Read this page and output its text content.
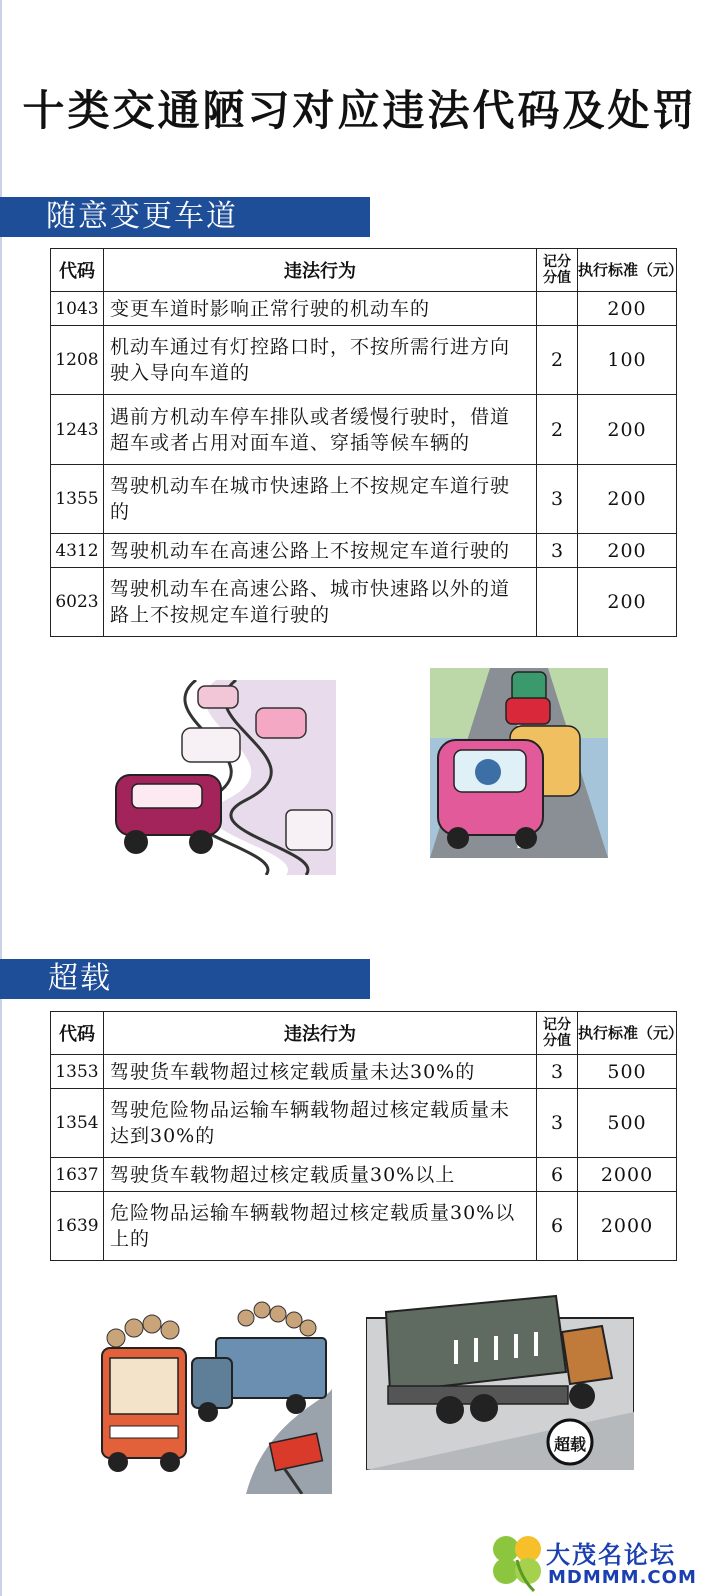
十类交通陋习对应违法代码及处罚
随意变更车道
代码	违法行为	记分分值	执行标准（元）
1043	变更车道时影响正常行驶的机动车的		200
1208	机动车通过有灯控路口时，不按所需行进方向驶入导向车道的	2	100
1243	遇前方机动车停车排队或者缓慢行驶时，借道超车或者占用对面车道、穿插等候车辆的	2	200
1355	驾驶机动车在城市快速路上不按规定车道行驶的	3	200
4312	驾驶机动车在高速公路上不按规定车道行驶的	3	200
6023	驾驶机动车在高速公路、城市快速路以外的道路上不按规定车道行驶的		200
超载
代码	违法行为	记分分值	执行标准（元）
1353	驾驶货车载物超过核定载质量未达30%的	3	500
1354	驾驶危险物品运输车辆载物超过核定载质量未达到30%的	3	500
1637	驾驶货车载物超过核定载质量30%以上	6	2000
1639	危险物品运输车辆载物超过核定载质量30%以上的	6	2000
超载
大茂名论坛
MDMMM.COM
